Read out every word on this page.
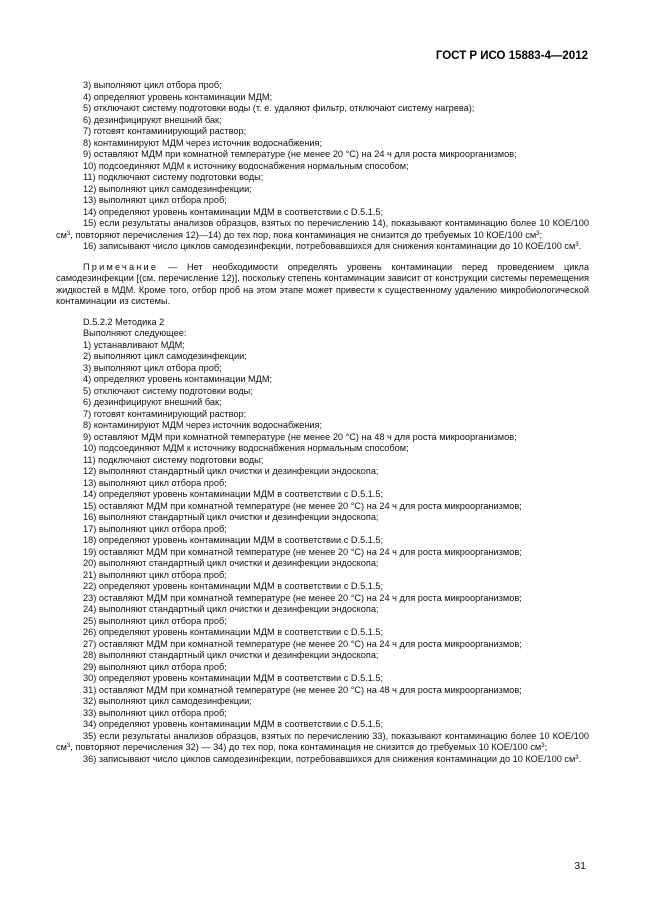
ГОСТ Р ИСО 15883-4—2012

3) выполняют цикл отбора проб;

4) определяют уровень контаминации МДМ;

5) отключают систему подготовки воды (т. е. удаляют фильтр, отключают систему нагрева);

6) дезинфицируют внешний бак;

7) готовят контаминирующий раствор;

8) контаминируют МДМ через источник водоснабжения;

9) оставляют МДМ при комнатной температуре (не менее 20 °С) на 24 ч для роста микроорганизмов;

10) подсоединяют МДМ к источнику водоснабжения нормальным способом;

11) подключают систему подготовки воды;

12) выполняют цикл самодезинфекции;

13) выполняют цикл отбора проб;

14) определяют уровень контаминации МДМ в соответствии с D.5.1.5;

15) если результаты анализов образцов, взятых по перечислению 14), показывают контаминацию более 10 КОЕ/100 $см^3$, повторяют перечисления 12)—14) до тех пор, пока контаминация не снизится до требуемых 10 КОЕ/100 $см^3$;

16) записывают число циклов самодезинфекции, потребовавшихся для снижения контаминации до 10 КОЕ/100 $см^3$.

Примечание — Нет необходимости определять уровень контаминации перед проведением цикла самодезинфекции [(см. перечисление 12)], поскольку степень контаминации зависит от конструкции системы перемещения жидкостей в МДМ. Кроме того, отбор проб на этом этапе может привести к существенному удалению микробиологической контаминации из системы.

D.5.2.2 Методика 2

Выполняют следующее:

1) устанавливают МДМ;

2) выполняют цикл самодезинфекции;

3) выполняют цикл отбора проб;

4) определяют уровень контаминации МДМ;

5) отключают систему подготовки воды;

6) дезинфицируют внешний бак;

7) готовят контаминирующий раствор;

8) контаминируют МДМ через источник водоснабжения;

9) оставляют МДМ при комнатной температуре (не менее 20 °С) на 48 ч для роста микроорганизмов;

10) подсоединяют МДМ к источнику водоснабжения нормальным способом;

11) подключают систему подготовки воды;

12) выполняют стандартный цикл очистки и дезинфекции эндоскопа;

13) выполняют цикл отбора проб;

14) определяют уровень контаминации МДМ в соответствии с D.5.1.5;

15) оставляют МДМ при комнатной температуре (не менее 20 °С) на 24 ч для роста микроорганизмов;

16) выполняют стандартный цикл очистки и дезинфекции эндоскопа;

17) выполняют цикл отбора проб;

18) определяют уровень контаминации МДМ в соответствии с D.5.1.5;

19) оставляют МДМ при комнатной температуре (не менее 20 °С) на 24 ч для роста микроорганизмов;

20) выполняют стандартный цикл очистки и дезинфекции эндоскопа;

21) выполняют цикл отбора проб;

22) определяют уровень контаминации МДМ в соответствии с D.5.1.5;

23) оставляют МДМ при комнатной температуре (не менее 20 °С) на 24 ч для роста микроорганизмов;

24) выполняют стандартный цикл очистки и дезинфекции эндоскопа;

25) выполняют цикл отбора проб;

26) определяют уровень контаминации МДМ в соответствии с D.5.1.5;

27) оставляют МДМ при комнатной температуре (не менее 20 °С) на 24 ч для роста микроорганизмов;

28) выполняют стандартный цикл очистки и дезинфекции эндоскопа;

29) выполняют цикл отбора проб;

30) определяют уровень контаминации МДМ в соответствии с D.5.1.5;

31) оставляют МДМ при комнатной температуре (не менее 20 °С) на 48 ч для роста микроорганизмов;

32) выполняют цикл самодезинфекции;

33) выполняют цикл отбора проб;

34) определяют уровень контаминации МДМ в соответствии с D.5.1.5;

35) если результаты анализов образцов, взятых по перечислению 33), показывают контаминацию более 10 КОЕ/100 $см^3$, повторяют перечисления 32) — 34) до тех пор, пока контаминация не снизится до требуемых 10 КОЕ/100 $см^3$;

36) записывают число циклов самодезинфекции, потребовавшихся для снижения контаминации до 10 КОЕ/100 $см^3$.

31
